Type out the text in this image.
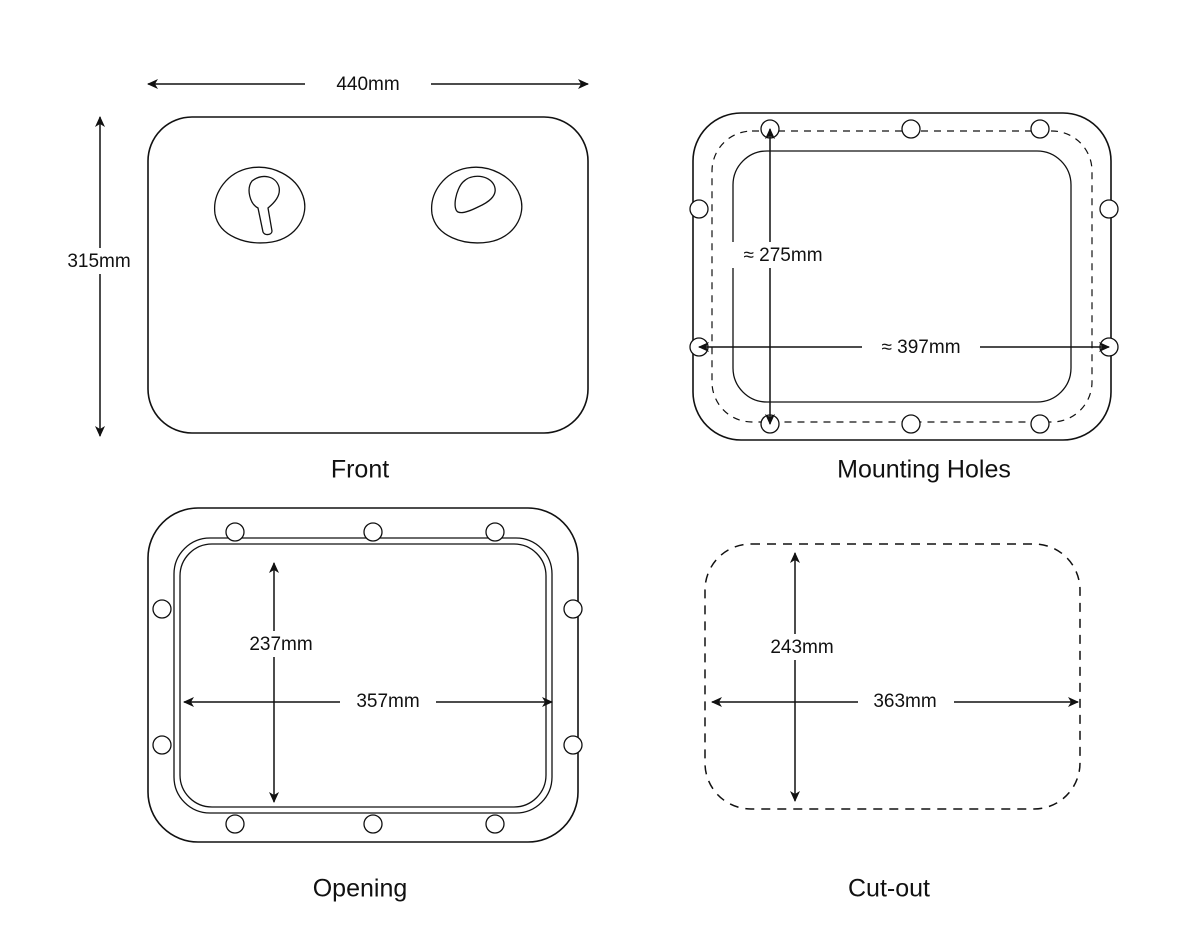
440mm
315mm
Front
≈ 275mm
≈ 397mm
Mounting Holes
237mm
357mm
Opening
243mm
363mm
Cut-out
